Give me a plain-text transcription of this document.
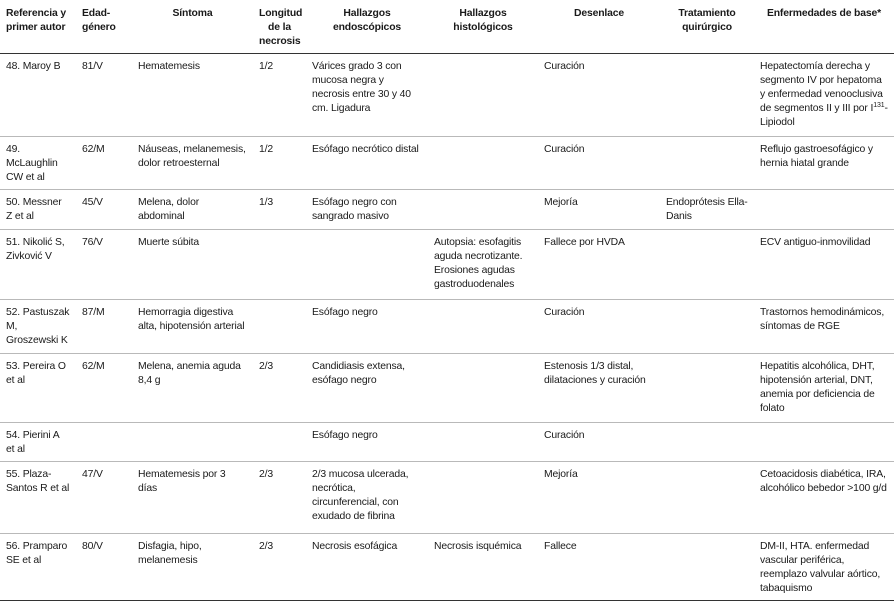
Referencia y primer autor	Edad-género	Síntoma	Longitud de la necrosis	Hallazgos endoscópicos	Hallazgos histológicos	Desenlace	Tratamiento quirúrgico	Enfermedades de base*
48. Maroy B	81/V	Hematemesis	1/2	Várices grado 3 con mucosa negra y necrosis entre 30 y 40 cm. Ligadura		Curación		Hepatectomía derecha y segmento IV por hepatoma y enfermedad venooclusiva de segmentos II y III por $I^{131}$-Lipiodol
49. McLaughlin CW et al	62/M	Náuseas, melanemesis, dolor retroesternal	1/2	Esófago necrótico distal		Curación		Reflujo gastroesofágico y hernia hiatal grande
50. Messner Z et al	45/V	Melena, dolor abdominal	1/3	Esófago negro con sangrado masivo		Mejoría	Endoprótesis Ella-Danis	
51. Nikolić S, Zivković V	76/V	Muerte súbita			Autopsia: esofagitis aguda necrotizante. Erosiones agudas gastroduodenales	Fallece por HVDA		ECV antiguo-inmovilidad
52. Pastuszak M, Groszewski K	87/M	Hemorragia digestiva alta, hipotensión arterial		Esófago negro		Curación		Trastornos hemodinámicos, síntomas de RGE
53. Pereira O et al	62/M	Melena, anemia aguda 8,4 g	2/3	Candidiasis extensa, esófago negro		Estenosis 1/3 distal, dilataciones y curación		Hepatitis alcohólica, DHT, hipotensión arterial, DNT, anemia por deficiencia de folato
54. Pierini A et al				Esófago negro		Curación		
55. Plaza-Santos R et al	47/V	Hematemesis por 3 días	2/3	2/3 mucosa ulcerada, necrótica, circunferencial, con exudado de fibrina		Mejoría		Cetoacidosis diabética, IRA, alcohólico bebedor >100 g/d
56. Pramparo SE et al	80/V	Disfagia, hipo, melanemesis	2/3	Necrosis esofágica	Necrosis isquémica	Fallece		DM-II, HTA. enfermedad vascular periférica, reemplazo valvular aórtico, tabaquismo
